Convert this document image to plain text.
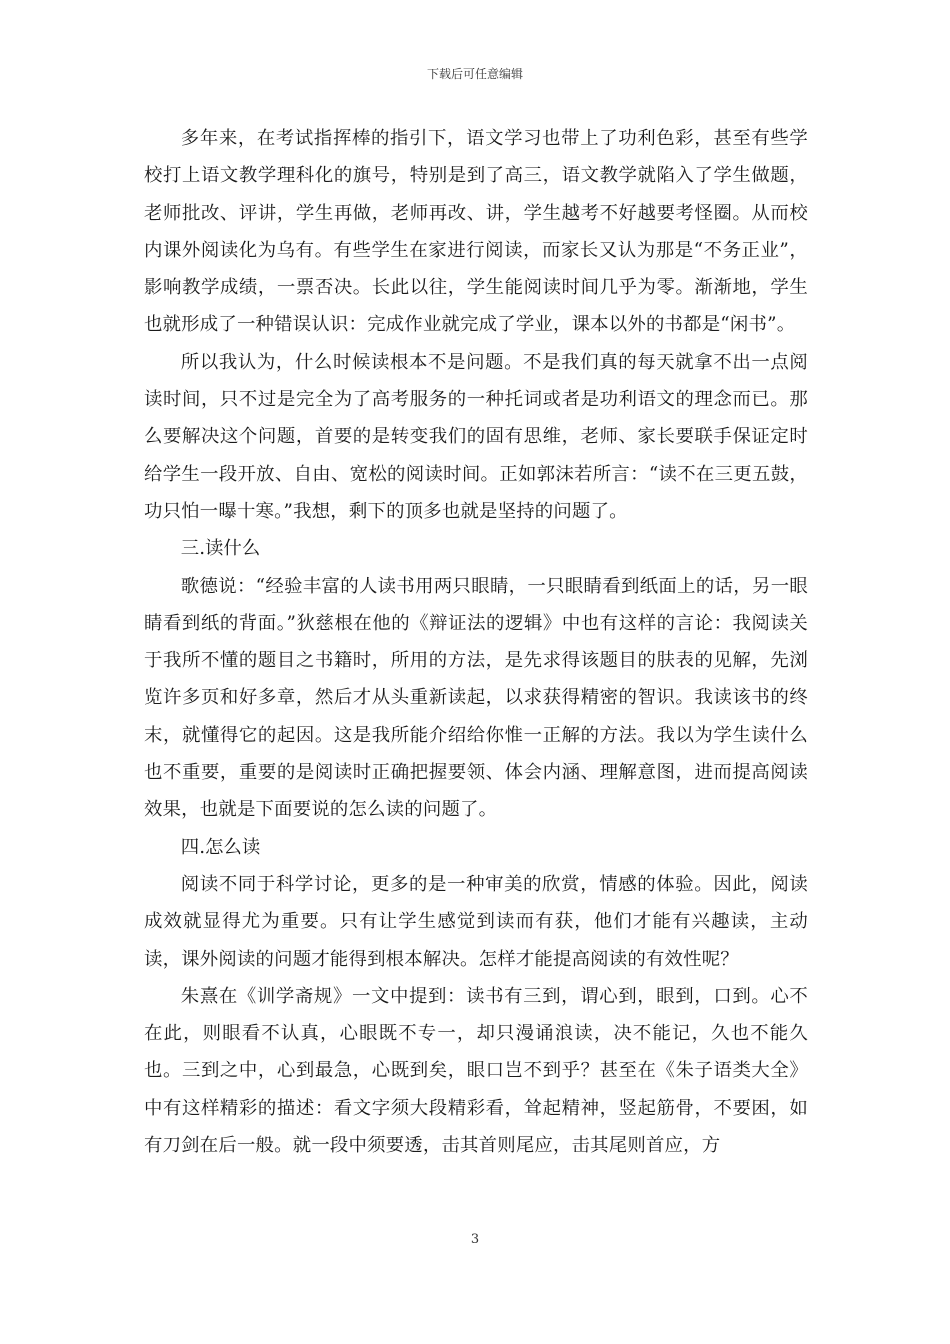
下载后可任意编辑

多年来，在考试指挥棒的指引下，语文学习也带上了功利色彩，甚至有些学校打上语文教学理科化的旗号，特别是到了高三，语文教学就陷入了学生做题，老师批改、评讲，学生再做，老师再改、讲，学生越考不好越要考怪圈。从而校内课外阅读化为乌有。有些学生在家进行阅读，而家长又认为那是“不务正业”，影响教学成绩，一票否决。长此以往，学生能阅读时间几乎为零。渐渐地，学生也就形成了一种错误认识：完成作业就完成了学业，课本以外的书都是“闲书”。

所以我认为，什么时候读根本不是问题。不是我们真的每天就拿不出一点阅读时间，只不过是完全为了高考服务的一种托词或者是功利语文的理念而已。那么要解决这个问题，首要的是转变我们的固有思维，老师、家长要联手保证定时给学生一段开放、自由、宽松的阅读时间。正如郭沫若所言：“读不在三更五鼓，功只怕一曝十寒。”我想，剩下的顶多也就是坚持的问题了。

三.读什么

歌德说：“经验丰富的人读书用两只眼睛，一只眼睛看到纸面上的话，另一眼睛看到纸的背面。”狄慈根在他的《辩证法的逻辑》中也有这样的言论：我阅读关于我所不懂的题目之书籍时，所用的方法，是先求得该题目的肤表的见解，先浏览许多页和好多章，然后才从头重新读起，以求获得精密的智识。我读该书的终末，就懂得它的起因。这是我所能介绍给你惟一正解的方法。我以为学生读什么也不重要，重要的是阅读时正确把握要领、体会内涵、理解意图，进而提高阅读效果，也就是下面要说的怎么读的问题了。

四.怎么读

阅读不同于科学讨论，更多的是一种审美的欣赏，情感的体验。因此，阅读成效就显得尤为重要。只有让学生感觉到读而有获，他们才能有兴趣读，主动读，课外阅读的问题才能得到根本解决。怎样才能提高阅读的有效性呢？

朱熹在《训学斋规》一文中提到：读书有三到，谓心到，眼到，口到。心不在此，则眼看不认真，心眼既不专一，却只漫诵浪读，决不能记，久也不能久也。三到之中，心到最急，心既到矣，眼口岂不到乎？甚至在《朱子语类大全》中有这样精彩的描述：看文字须大段精彩看，耸起精神，竖起筋骨，不要困，如有刀剑在后一般。就一段中须要透，击其首则尾应，击其尾则首应，方

3
